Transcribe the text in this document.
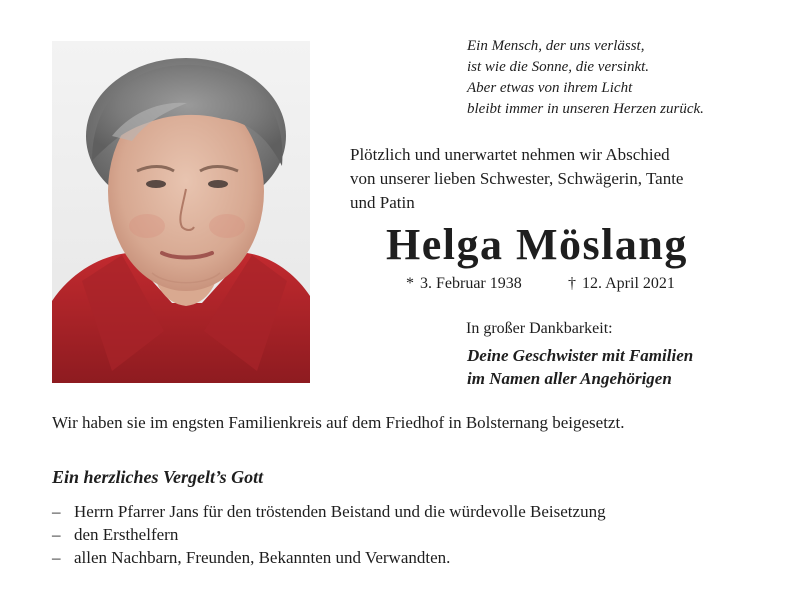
Ein Mensch, der uns verlässt,
ist wie die Sonne, die versinkt.
Aber etwas von ihrem Licht
bleibt immer in unseren Herzen zurück.
Plötzlich und unerwartet nehmen wir Abschied
von unserer lieben Schwester, Schwägerin, Tante
und Patin
Helga Möslang
* 3. Februar 1938	† 12. April 2021
In großer Dankbarkeit:
Deine Geschwister mit Familien
im Namen aller Angehörigen
Wir haben sie im engsten Familienkreis auf dem Friedhof in Bolsternang beigesetzt.
Ein herzliches Vergelt’s Gott
– Herrn Pfarrer Jans für den tröstenden Beistand und die würdevolle Beisetzung
– den Ersthelfern
– allen Nachbarn, Freunden, Bekannten und Verwandten.
